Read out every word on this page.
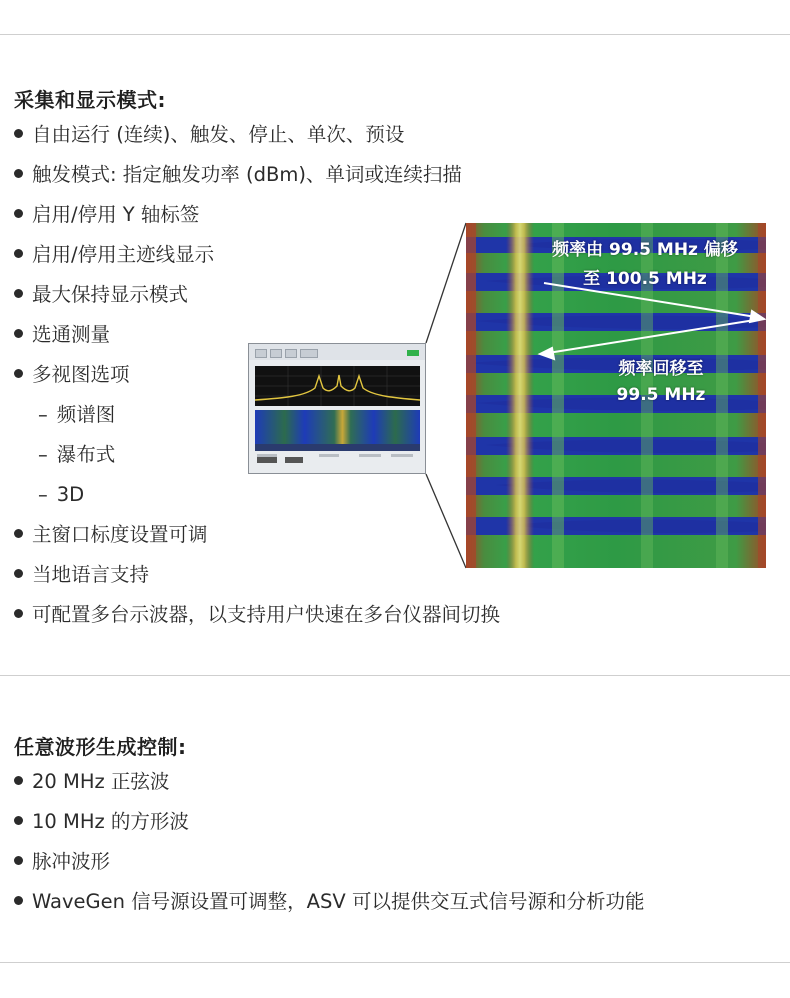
采集和显示模式:
自由运行 (连续)、触发、停止、单次、预设
触发模式: 指定触发功率 (dBm)、单词或连续扫描
启用/停用 Y 轴标签
启用/停用主迹线显示
最大保持显示模式
选通测量
多视图选项
– 频谱图
– 瀑布式
– 3D
主窗口标度设置可调
当地语言支持
可配置多台示波器，以支持用户快速在多台仪器间切换
任意波形生成控制:
20 MHz 正弦波
10 MHz 的方形波
脉冲波形
WaveGen 信号源设置可调整，ASV 可以提供交互式信号源和分析功能
频率由 99.5 MHz 偏移
至 100.5 MHz
频率回移至
99.5 MHz
